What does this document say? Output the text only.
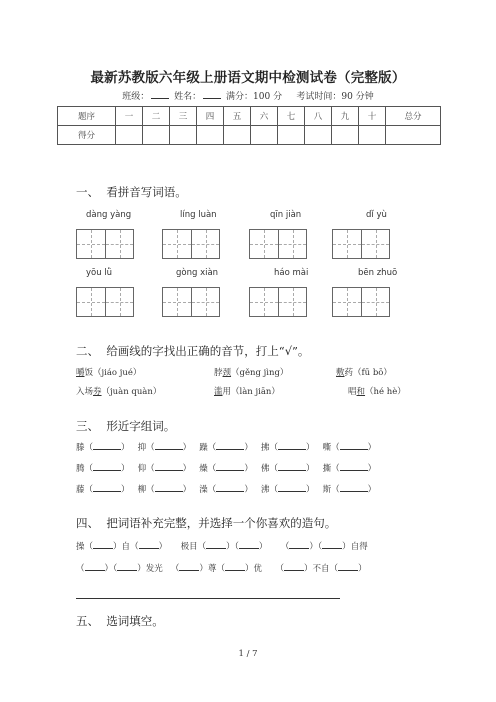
最新苏教版六年级上册语文期中检测试卷（完整版）
班级：	姓名：	满分：100 分 考试时间：90 分钟
题序	一	二	三	四	五	六	七	八	九	十	总分
得分											
一、 看拼音写词语。
dàng yàng	líng luàn	qīn jiàn	dǐ yù
yōu lǜ	gòng xiàn	háo mài	bēn zhuō
二、 给画线的字找出正确的音节，打上“√”。
嚼饭（jiáo jué）	脖颈（gěng jìng）	敷药（fū bō）
入场券（juàn quàn）	滥用（làn jiān）	唱和（hé hè）
三、 形近字组词。
滕（	）   抑（	）   躁（	）   拂（	）   嘶（	）
腾（	）   仰（	）   燥（	）   佛（	）   撕（	）
藤（	）   柳（	）   澡（	）   沸（	）   斯（	）
四、 把词语补充完整，并选择一个你喜欢的造句。
操（ ）自（ ）     极目（ ）（ ）     （ ）（ ）自得
（ ）（ ）发光   （ ）尊（ ）优     （ ）不自（ ）
五、 选词填空。
1 / 7
